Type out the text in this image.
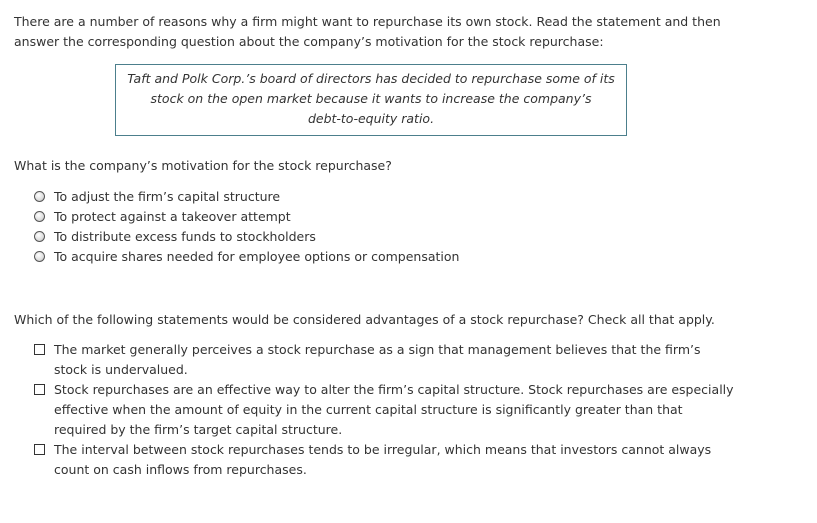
There are a number of reasons why a firm might want to repurchase its own stock. Read the statement and then
answer the corresponding question about the company’s motivation for the stock repurchase:

Taft and Polk Corp.’s board of directors has decided to repurchase some of its
stock on the open market because it wants to increase the company’s
debt-to-equity ratio.

What is the company’s motivation for the stock repurchase?

To adjust the firm’s capital structure
To protect against a takeover attempt
To distribute excess funds to stockholders
To acquire shares needed for employee options or compensation

Which of the following statements would be considered advantages of a stock repurchase? Check all that apply.

The market generally perceives a stock repurchase as a sign that management believes that the firm’s stock is undervalued.
Stock repurchases are an effective way to alter the firm’s capital structure. Stock repurchases are especially effective when the amount of equity in the current capital structure is significantly greater than that required by the firm’s target capital structure.
The interval between stock repurchases tends to be irregular, which means that investors cannot always count on cash inflows from repurchases.
